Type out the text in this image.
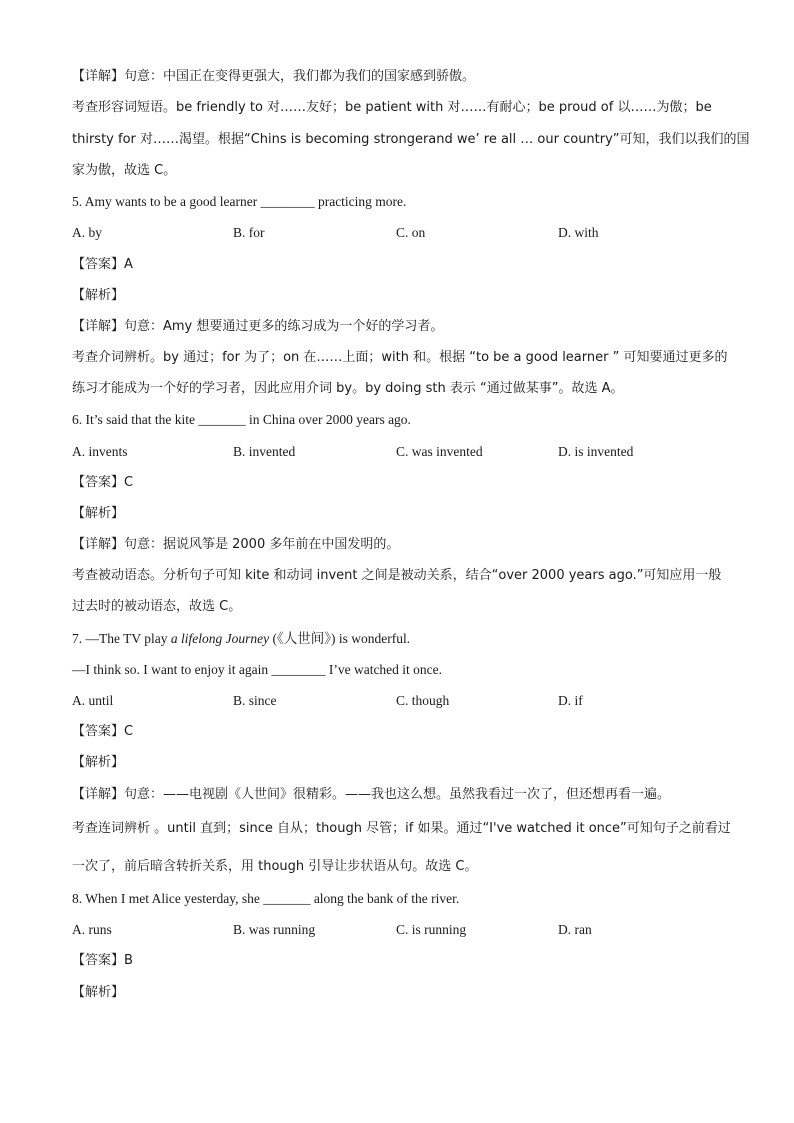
【详解】句意：中国正在变得更强大，我们都为我们的国家感到骄傲。
考查形容词短语。be friendly to 对……友好；be patient with 对……有耐心；be proud of 以……为傲；be
thirsty for 对……渴望。根据“Chins is becoming strongerand we’ re all … our country”可知，我们以我们的国
家为傲，故选 C。
5. Amy wants to be a good learner ________ practicing more.
A. by	B. for	C. on	D. with
【答案】A
【解析】
【详解】句意：Amy 想要通过更多的练习成为一个好的学习者。
考查介词辨析。by 通过；for 为了；on 在……上面；with 和。根据 “to be a good learner ” 可知要通过更多的
练习才能成为一个好的学习者，因此应用介词 by。by doing sth 表示 “通过做某事”。故选 A。
6. It’s said that the kite _______ in China over 2000 years ago.
A. invents	B. invented	C. was invented	D. is invented
【答案】C
【解析】
【详解】句意：据说风筝是 2000 多年前在中国发明的。
考查被动语态。分析句子可知 kite 和动词 invent 之间是被动关系，结合“over 2000 years ago.”可知应用一般
过去时的被动语态，故选 C。
7. —The TV play a lifelong Journey (《人世间》) is wonderful.
—I think so. I want to enjoy it again ________ I’ve watched it once.
A. until	B. since	C. though	D. if
【答案】C
【解析】
【详解】句意：——电视剧《人世间》很精彩。——我也这么想。虽然我看过一次了，但还想再看一遍。
考查连词辨析 。until 直到；since 自从；though 尽管；if 如果。通过“I've watched it once”可知句子之前看过
一次了，前后暗含转折关系，用 though 引导让步状语从句。故选 C。
8. When I met Alice yesterday, she _______ along the bank of the river.
A. runs	B. was running	C. is running	D. ran
【答案】B
【解析】
